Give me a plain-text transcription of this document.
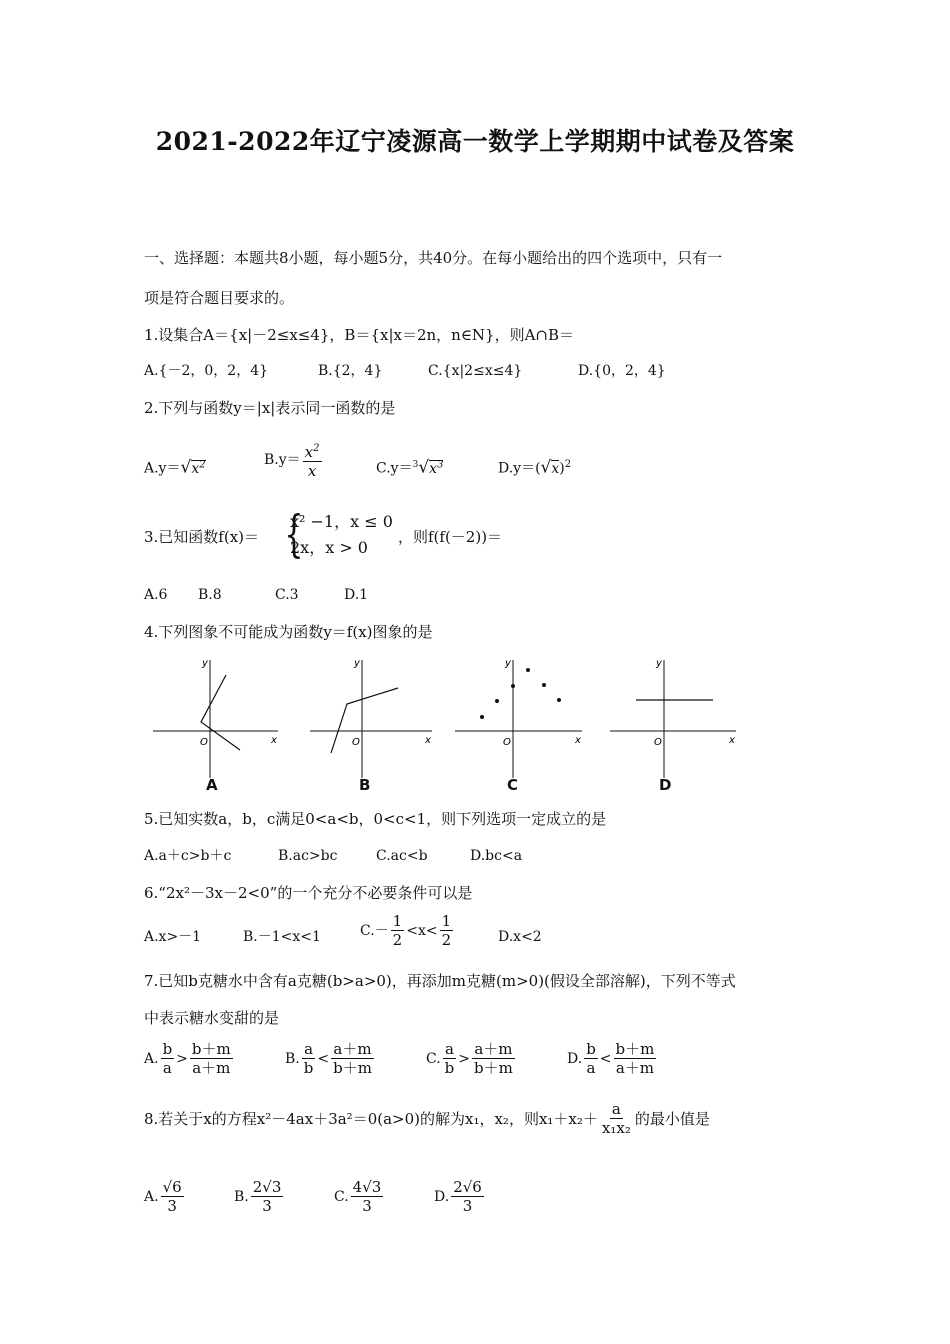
2021-2022年辽宁凌源高一数学上学期期中试卷及答案
一、选择题：本题共8小题，每小题5分，共40分。在每小题给出的四个选项中，只有一
项是符合题目要求的。
1.设集合A＝{x|－2≤x≤4}，B＝{x|x＝2n，n∈N}，则A∩B＝
A.{－2，0，2，4}	B.{2，4}	C.{x|2≤x≤4}	D.{0，2，4}
2.下列与函数y＝|x|表示同一函数的是
$A.y=√x^2$	$B.y= \frac{x^2}{x}$	$C.y=^3√x^3$	$D.y=(√x)^2$
3.已知函数f(x)＝ {
x² −1，x ≤ 0
2x，x > 0
，则f(f(－2))＝
A.6 B.8	C.3	D.1
4.下列图象不可能成为函数y＝f(x)图象的是
x
y
O	x
y
O	x
y
O	x
y
O
A	B	C	D
5.已知实数a，b，c满足0<a<b，0<c<1，则下列选项一定成立的是
A.a＋c>b＋c	B.ac>bc	C.ac<b	D.bc<a
6.“2x²－3x－2<0”的一个充分不必要条件可以是
A.x>－1	B.－1<x<1	$C.- \frac{1}{2} <x< \frac{1}{2}$	D.x<2
7.已知b克糖水中含有a克糖(b>a>0)，再添加m克糖(m>0)(假设全部溶解)，下列不等式
中表示糖水变甜的是
A. $\frac{b}{a} > \frac{b+m}{a+m}$	B. $\frac{a}{b} < \frac{a+m}{b+m}$	C. $\frac{a}{b} > \frac{a+m}{b+m}$	D. $\frac{b}{a} < \frac{b+m}{a+m}$
8.若关于x的方程x²－4ax＋3a²＝0(a>0)的解为x₁，x₂，则$x_1+x_2+ \frac{a}{\text{x₁x₂}}$ 的最小值是
A. $\frac{√6}{3}$	B. $\frac{2√3}{3}$	C. $\frac{4√3}{3}$	D. $\frac{2√6}{3}$
